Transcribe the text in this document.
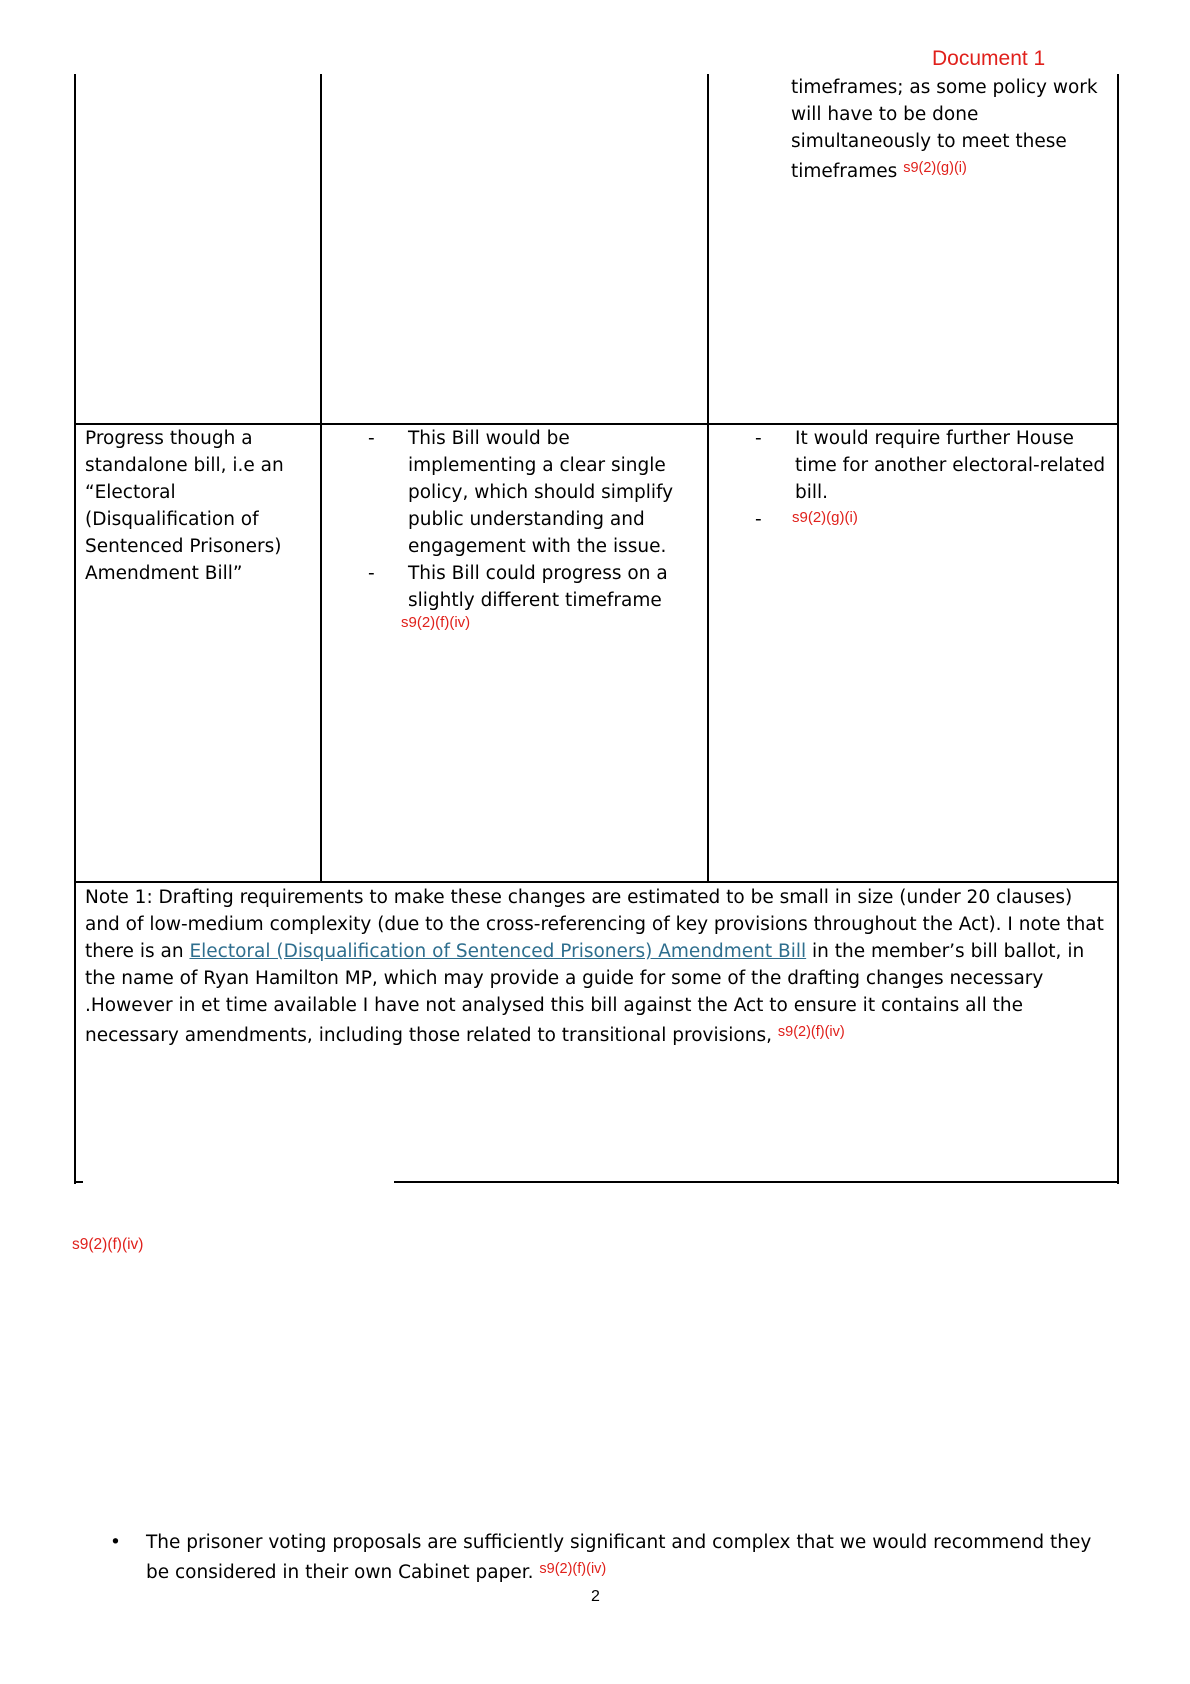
Document 1
timeframes; as some policy work will have to be done simultaneously to meet these timeframes $^{s9(2)(g)(i)}$
Progress though a standalone bill, i.e an “Electoral (Disqualification of Sentenced Prisoners) Amendment Bill”
- This Bill would be implementing a clear single policy, which should simplify public understanding and engagement with the issue.
- This Bill could progress on a slightly different timeframe
s9(2)(f)(iv)
- It would require further House time for another electoral-related bill.
- s9(2)(g)(i)
Note 1: Drafting requirements to make these changes are estimated to be small in size (under 20 clauses) and of low-medium complexity (due to the cross-referencing of key provisions throughout the Act). I note that there is an Electoral (Disqualification of Sentenced Prisoners) Amendment Bill in the member’s bill ballot, in the name of Ryan Hamilton MP, which may provide a guide for some of the drafting changes necessary .However in et time available I have not analysed this bill against the Act to ensure it contains all the necessary amendments, including those related to transitional provisions, $^{s9(2)(f)(iv)}$
s9(2)(f)(iv)
• The prisoner voting proposals are sufficiently significant and complex that we would recommend they be considered in their own Cabinet paper. $^{s9(2)(f)(iv)}$
2
